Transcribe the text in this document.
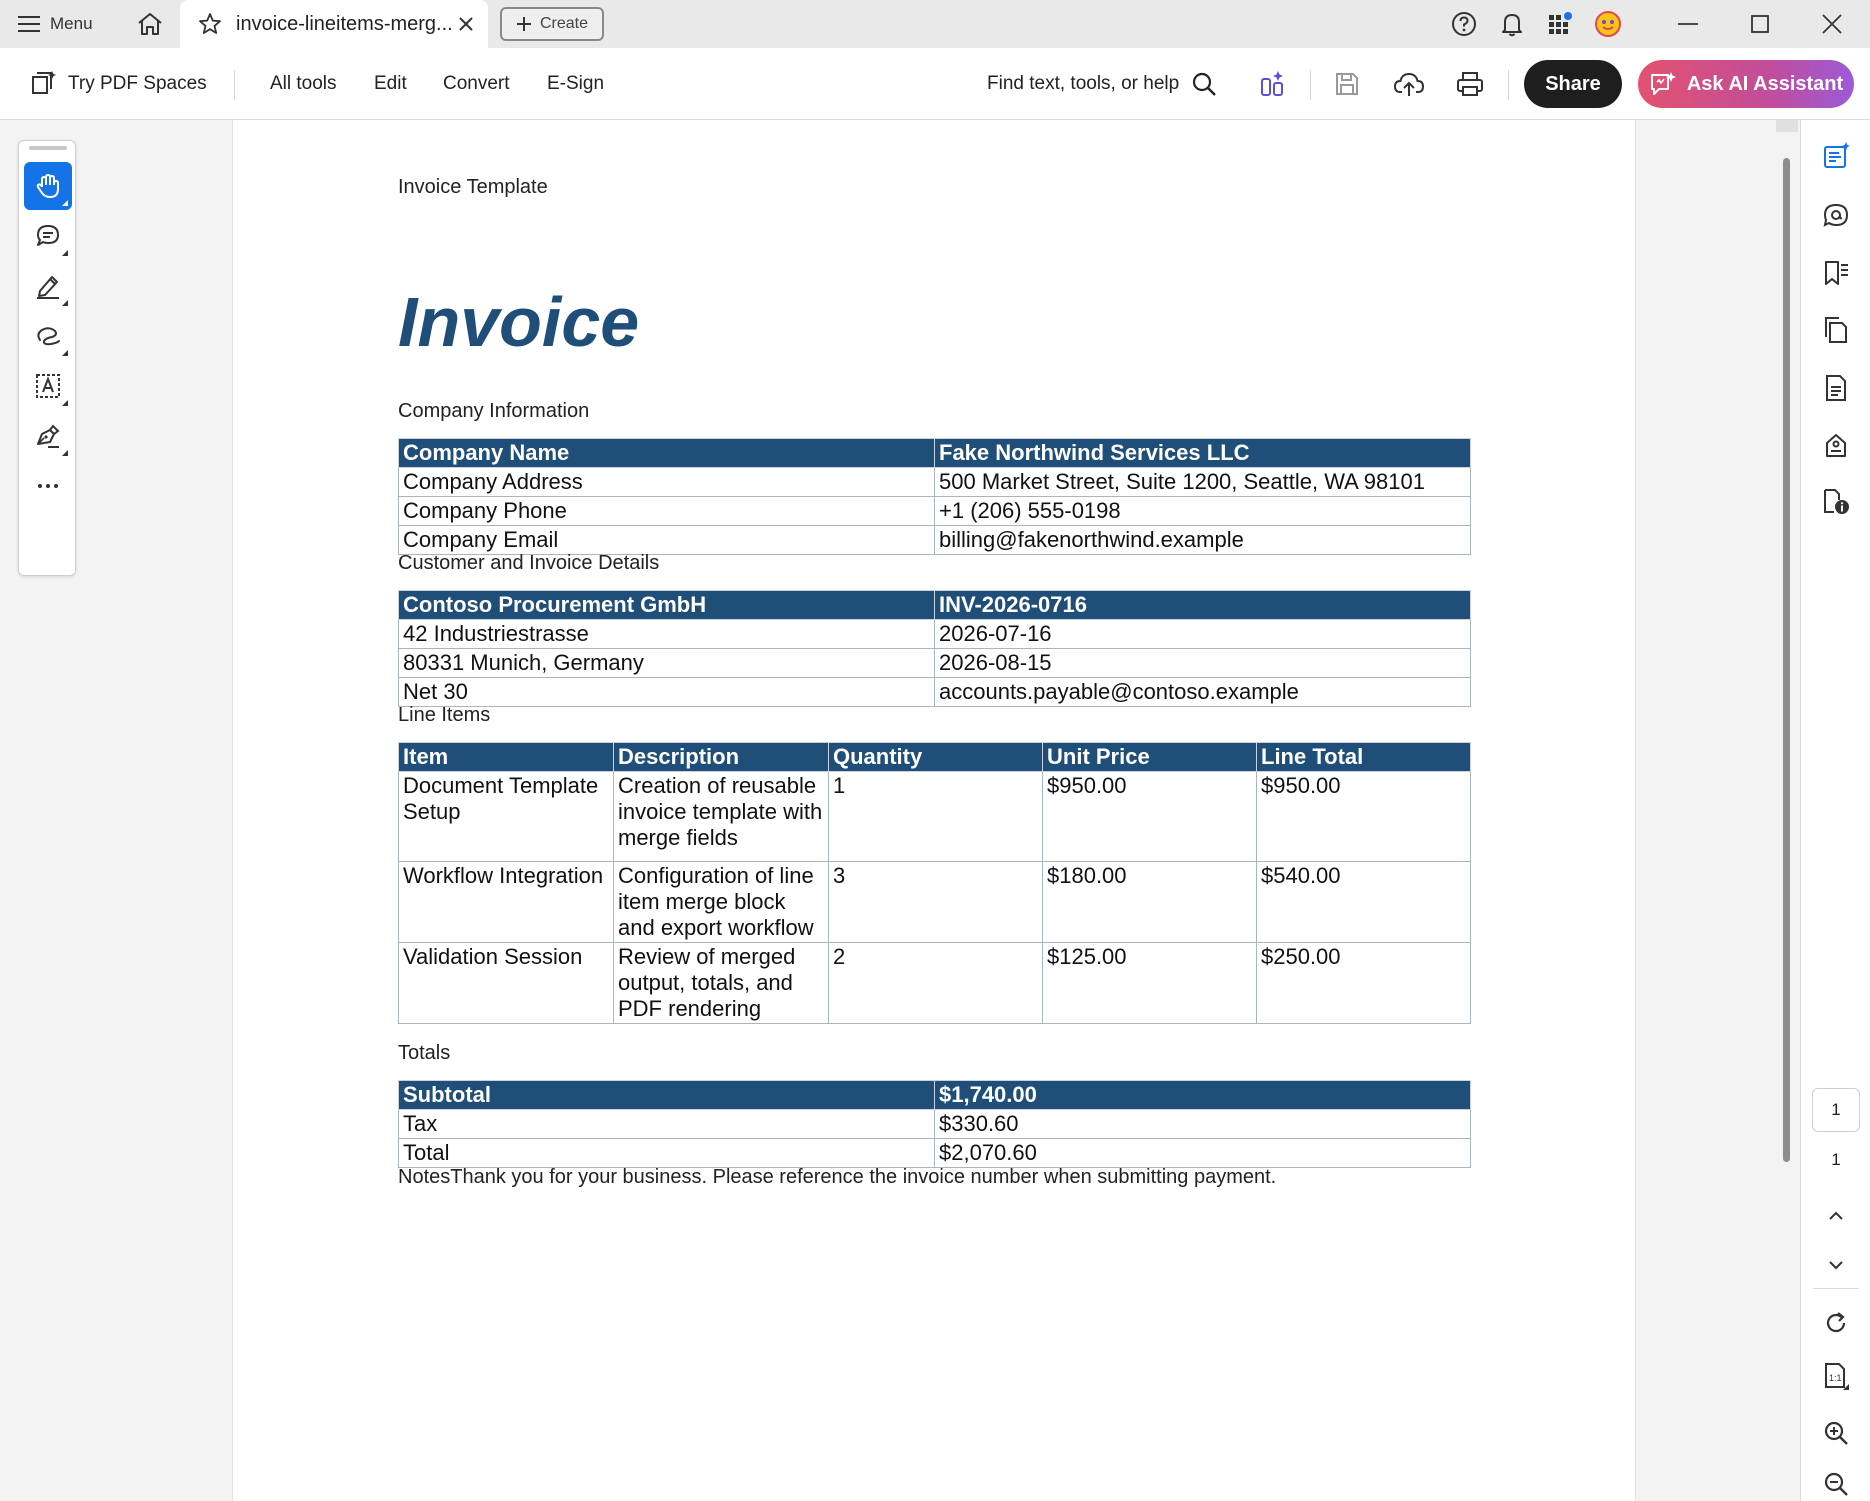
Menu	invoice-lineitems-merg...	Create
Try PDF Spaces	All tools Edit Convert E-Sign	Find text, tools, or help	Share	Ask AI Assistant
Invoice Template
Invoice
Company Information
Company Name	Fake Northwind Services LLC
Company Address	500 Market Street, Suite 1200, Seattle, WA 98101
Company Phone	+1 (206) 555-0198
Company Email	billing@fakenorthwind.example
Customer and Invoice Details
Contoso Procurement GmbH	INV-2026-0716
42 Industriestrasse	2026-07-16
80331 Munich, Germany	2026-08-15
Net 30	accounts.payable@contoso.example
Line Items
Item	Description	Quantity	Unit Price	Line Total
Document Template Setup	Creation of reusable invoice template with merge fields	1	$950.00	$950.00
Workflow Integration	Configuration of line item merge block and export workflow	3	$180.00	$540.00
Validation Session	Review of merged output, totals, and PDF rendering	2	$125.00	$250.00
Totals
Subtotal	$1,740.00
Tax	$330.60
Total	$2,070.60
NotesThank you for your business. Please reference the invoice number when submitting payment.
1
1
1:1
